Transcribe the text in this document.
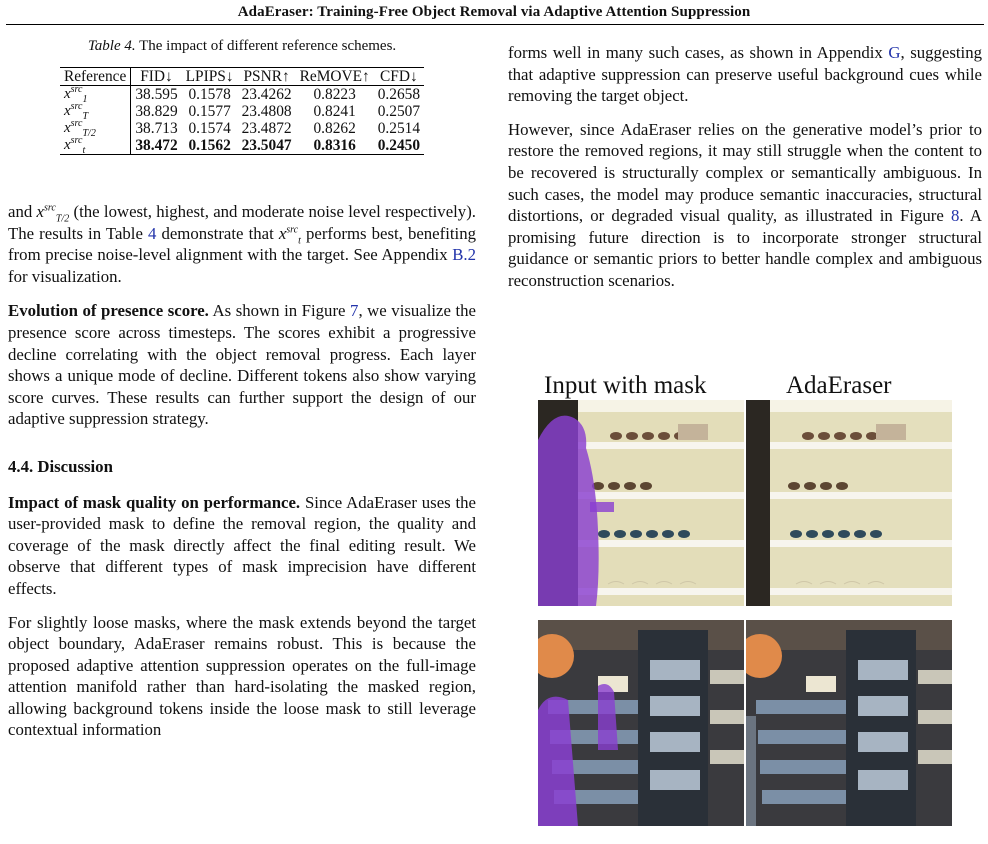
AdaEraser: Training-Free Object Removal via Adaptive Attention Suppression
Table 4. The impact of different reference schemes.
Reference	FID↓	LPIPS↓	PSNR↑	ReMOVE↑	CFD↓
$x^{src}_1$	38.595	0.1578	23.4262	0.8223	0.2658
$x^{src}_T$	38.829	0.1577	23.4808	0.8241	0.2507
$x^{src}_{T/2}$	38.713	0.1574	23.4872	0.8262	0.2514
$x^{src}_t$	38.472	0.1562	23.5047	0.8316	0.2450

and $x^{src}_{T/2}$ (the lowest, highest, and moderate noise level respectively). The results in Table 4 demonstrate that $x^{src}_t$ performs best, benefiting from precise noise-level alignment with the target. See Appendix B.2 for visualization.

Evolution of presence score. As shown in Figure 7, we visualize the presence score across timesteps. The scores exhibit a progressive decline correlating with the object removal progress. Each layer shows a unique mode of decline. Different tokens also show varying score curves. These results can further support the design of our adaptive suppression strategy.

4.4. Discussion

Impact of mask quality on performance. Since AdaEraser uses the user-provided mask to define the removal region, the quality and coverage of the mask directly affect the final editing result. We observe that different types of mask imprecision have different effects.

For slightly loose masks, where the mask extends beyond the target object boundary, AdaEraser remains robust. This is because the proposed adaptive attention suppression operates on the full-image attention manifold rather than hard-isolating the masked region, allowing background tokens inside the loose mask to still leverage contextual information

forms well in many such cases, as shown in Appendix G, suggesting that adaptive suppression can preserve useful background cues while removing the target object.

However, since AdaEraser relies on the generative model’s prior to restore the removed regions, it may still struggle when the content to be recovered is structurally complex or semantically ambiguous. In such cases, the model may produce semantic inaccuracies, structural distortions, or degraded visual quality, as illustrated in Figure 8. A promising future direction is to incorporate stronger structural guidance or semantic priors to better handle complex and ambiguous reconstruction scenarios.

Input with mask	AdaEraser
